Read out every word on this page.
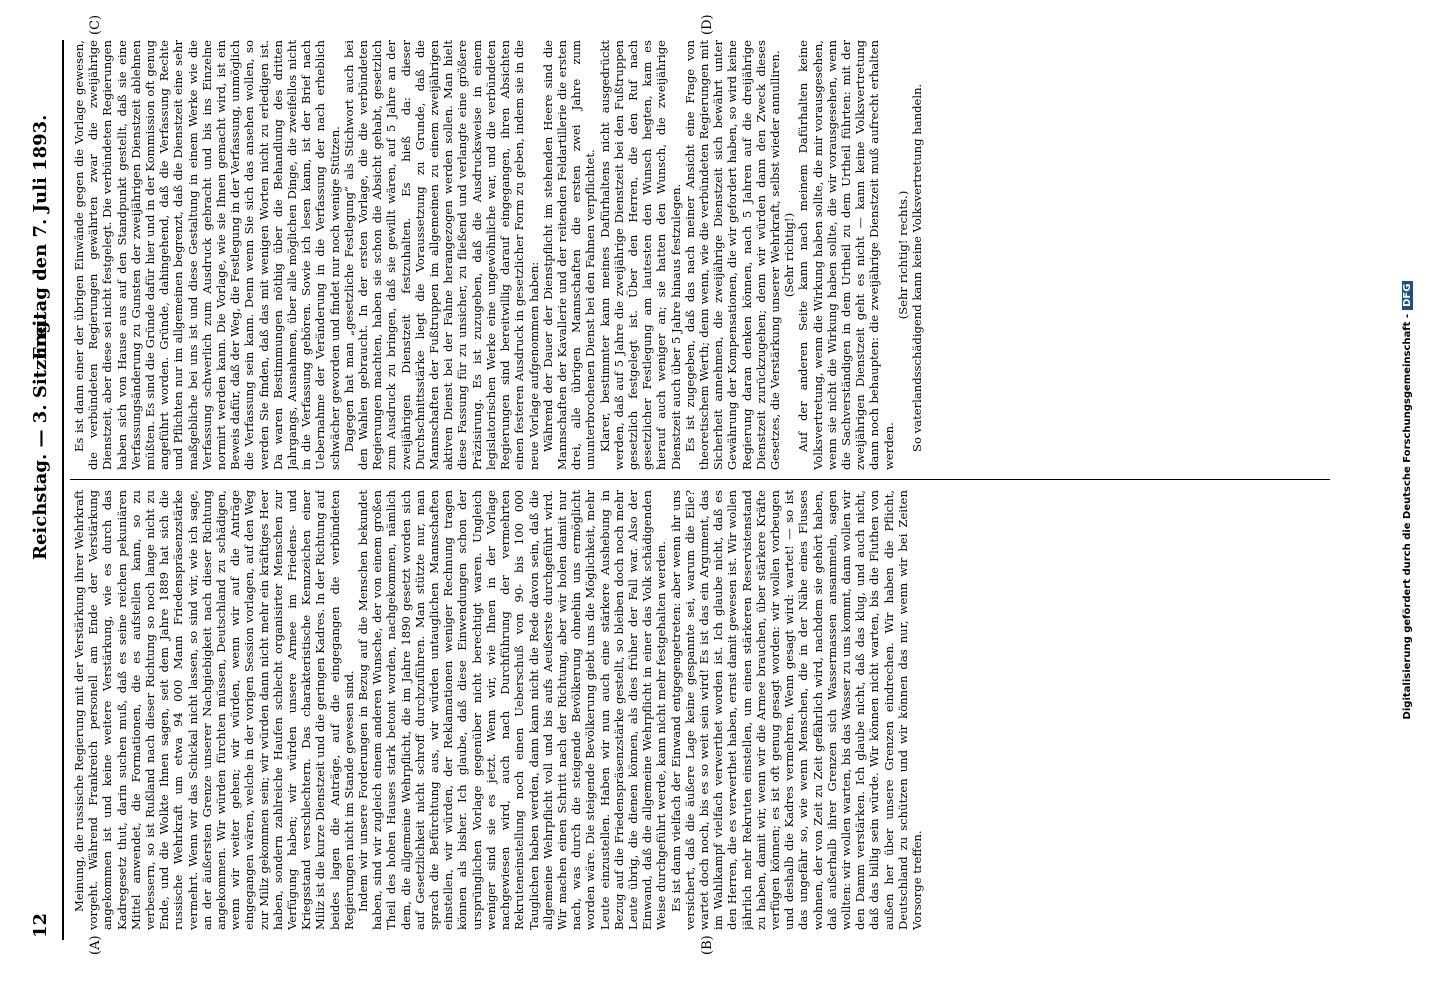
12
Reichstag. — 3. Sitzung.
Freitag den 7. Juli 1893.
(A)	(B)
(C)	(D)

Meinung, die russische Regierung mit der Verstärkung ihrer Wehrkraft vorgeht. Während Frankreich personell am Ende der Verstärkung angekommen ist und keine weitere Verstärkung, wie es durch das Kadregesetz thut, darin suchen muß, daß es seine reichen pekuniären Mittel anwendet, die Formationen, die es aufstellen kann, so zu verbessern, so ist Rußland nach dieser Richtung so noch lange nicht zu Ende, und die Wolkte Ihnen sagen, seit dem Jahre 1889 hat sich die russische Wehrkraft um etwa 94 000 Mann Friedenspräsenzstärke vermehrt. Wenn wir das Schickal nicht lassen, so sind wir, wie ich sage, an der äußersten Grenze unserer Nachgiebigkeit nach dieser Richtung angekommen. Wir würden fürchten müssen, Deutschland zu schädigen, wenn wir weiter gehen; wir würden, wenn wir auf die Anträge eingegangen wären, welche in der vorigen Session vorlagen, auf den Weg zur Miliz gekommen sein; wir würden dann nicht mehr ein kräftiges Heer haben, sondern zahlreiche Haufen schlecht organisirter Menschen zur Verfügung haben; wir würden unsere Armee im Friedens- und Kriegsstand verschlechtern. Das charakteristische Kennzeichen einer Miliz ist die kurze Dienstzeit und die geringen Kadres. In der Richtung auf beides lagen die Anträge, auf die eingegangen die verbündeten Regierungen nicht im Stande gewesen sind. Indem wir unsere Forderungen in Bezug auf die Menschen bekundet haben, sind wir zugleich einem anderen Wunsche, der von einem großen Theil des hohen Hauses stark betont worden, nachgekommen, nämlich dem, die allgemeine Wehrpflicht, die im Jahre 1890 gesetzt worden sich auf Gesetzlichkeit nicht schroff durchzuführen. Man stützte nur, man sprach die Befürchtung aus, wir würden untauglichen Mannschaften einstellen, wir würden, der Reklamationen weniger Rechnung tragen können als bisher. Ich glaube, daß diese Einwendungen schon der ursprünglichen Vorlage gegenüber nicht berechtigt waren. Ungleich weniger sind sie es jetzt. Wenn wir, wie Ihnen in der Vorlage nachgewiesen wird, auch nach Durchführung der vermehrten Rekruteneinstellung noch einen Ueberschuß von 90- bis 100 000 Tauglichen haben werden, dann kann nicht die Rede davon sein, daß die allgemeine Wehrpflicht voll und bis aufs Aeußerste durchgeführt wird. Wir machen einen Schritt nach der Richtung, aber wir holen damit nur nach, was durch die steigende Bevölkerung ohnehin uns ermöglicht worden wäre. Die steigende Bevölkerung giebt uns die Möglichkeit, mehr Leute einzustellen. Haben wir nun auch eine stärkere Aushebung in Bezug auf die Friedenspräsenzstärke gestellt, so bleiben doch noch mehr Leute übrig, die dienen können, als dies früher der Fall war. Also der Einwand, daß die allgemeine Wehrpflicht in einer das Volk schädigenden Weise durchgeführt werde, kann nicht mehr festgehalten werden. Es ist dann vielfach der Einwand entgegengetreten: aber wenn ihr uns versichert, daß die äußere Lage keine gespannte sei, warum die Eile? wartet doch noch, bis es so weit sein wird! Es ist das ein Argument, das im Wahlkampf vielfach verwerthet worden ist. Ich glaube nicht, daß es den Herren, die es verwerthet haben, ernst damit gewesen ist. Wir wollen jährlich mehr Rekruten einstellen, um einen stärkeren Reservistenstand zu haben, damit wir, wenn wir die Armee brauchen, über stärkere Kräfte verfügen können; es ist oft genug gesagt worden: wir wollen vorbeugen und deshalb die Kadres vermehren. Wenn gesagt wird: wartet! — so ist das ungefähr so, wie wenn Menschen, die in der Nähe eines Flusses wohnen, der von Zeit zu Zeit gefährlich wird, nachdem sie gehört haben, daß außerhalb ihrer Grenzen sich Wassermassen ansammeln, sagen wollten: wir wollen warten, bis das Wasser zu uns kommt, dann wollen wir den Damm verstärken. Ich glaube nicht, daß das klug, und auch nicht, daß das billig sein würde. Wir können nicht warten, bis die Fluthen von außen her über unsere Grenzen eindrechen. Wir haben die Pflicht, Deutschland zu schützen und wir können das nur, wenn wir bei Zeiten Vorsorge treffen.

Es ist dann einer der übrigen Einwände gegen die Vorlage gewesen, die verbündeten Regierungen gewährten zwar die zweijährige Dienstzeit, aber diese sei nicht festgelegt. Die verbündeten Regierungen haben sich von Hause aus auf den Standpunkt gestellt, daß sie eine Verfassungsänderung zu Gunsten der zweijährigen Dienstzeit ablehnen müßten. Es sind die Gründe dafür hier und in der Kommission oft genug angeführt worden. Gründe, dahingehend, daß die Verfassung Rechte und Pflichten nur im allgemeinen begrenzt, daß die Dienstzeit eine sehr maßgebliche bei uns ist und diese Gestaltung in einem Werke wie die Verfassung schwerlich zum Ausdruck gebracht und bis ins Einzelne normirt werden kann. Die Vorlage, wie sie Ihnen gemacht wird, ist ein Beweis dafür, daß der Weg, die Festlegung in der Verfassung, unmöglich die Verfassung sein kann. Denn wenn Sie sich das ansehen wollen, so werden Sie finden, daß das mit wenigen Worten nicht zu erledigen ist. Da waren Bestimmungen nöthig über die Behandlung des dritten Jahrgangs, Ausnahmen, über alle möglichen Dinge, die zweifellos nicht in die Verfassung gehören. Sowie ich lesen kann, ist der Brief nach Uebernahme der Veränderung in die Verfassung der nach erheblich schwächer geworden und findet nur noch wenige Stützen. Dagegen hat man „gesetzliche Festlegung“ als Stichwort auch bei den Wahlen gebraucht. In der ersten Vorlage, die die verbündeten Regierungen machten, haben sie schon die Absicht gehabt, gesetzlich zum Ausdruck zu bringen, daß sie gewillt wären, auf 5 Jahre an der zweijährigen Dienstzeit festzuhalten. Es hieß da: dieser Durchschnittsstärke liegt die Voraussetzung zu Grunde, daß die Mannschaften der Fußtruppen im allgemeinen zu einem zweijährigen aktiven Dienst bei der Fahne herangezogen werden sollen. Man hielt diese Fassung für zu unsicher, zu fließend und verlangte eine größere Präzisirung. Es ist zuzugeben, daß die Ausdrucksweise in einem legislatorischen Werke eine ungewöhnliche war, und die verbündeten Regierungen sind bereitwillig darauf eingegangen, ihren Absichten einen festeren Ausdruck in gesetzlicher Form zu geben, indem sie in die neue Vorlage aufgenommen haben: Während der Dauer der Dienstpflicht im stehenden Heere sind die Mannschaften der Kavallerie und der reitenden Feldartillerie die ersten drei, alle übrigen Mannschaften die ersten zwei Jahre zum ununterbrochenen Dienst bei den Fahnen verpflichtet. Klarer, bestimmter kann meines Dafürhaltens nicht ausgedrückt werden, daß auf 5 Jahre die zweijährige Dienstzeit bei den Fußtruppen gesetzlich festgelegt ist. Über den Herren, die den Ruf nach gesetzlicher Festlegung am lautesten den Wunsch hegten, kam es hierauf auch weniger an; sie hatten den Wunsch, die zweijährige Dienstzeit auch über 5 Jahre hinaus festzulegen. Es ist zugegeben, daß das nach meiner Ansicht eine Frage von theoretischem Werth; denn wenn, wie die verbündeten Regierungen mit Sicherheit annehmen, die zweijährige Dienstzeit sich bewährt unter Gewährung der Kompensationen, die wir gefordert haben, so wird keine Regierung daran denken können, nach 5 Jahren auf die dreijährige Dienstzeit zurückzugehen; denn wir würden dann den Zweck dieses Gesetzes, die Verstärkung unserer Wehrkraft, selbst wieder annulliren. (Sehr richtig!) Auf der anderen Seite kann nach meinem Dafürhalten keine Volksvertretung, wenn die Wirkung haben sollte, die mir vorausgesehen, wenn sie nicht die Wirkung haben sollte, die wir vorausgesehen, wenn die Sachverständigen in dem Urtheil zu dem Urtheil führten: mit der zweijährigen Dienstzeit geht es nicht — kann keine Volksvertretung dann noch behaupten: die zweijährige Dienstzeit muß aufrecht erhalten werden.

(Sehr richtig! rechts.) So vaterlandsschädigend kann keine Volksvertretung handeln.

Digitalisierung gefördert durch die Deutsche Forschungsgemeinschaft -DFG
